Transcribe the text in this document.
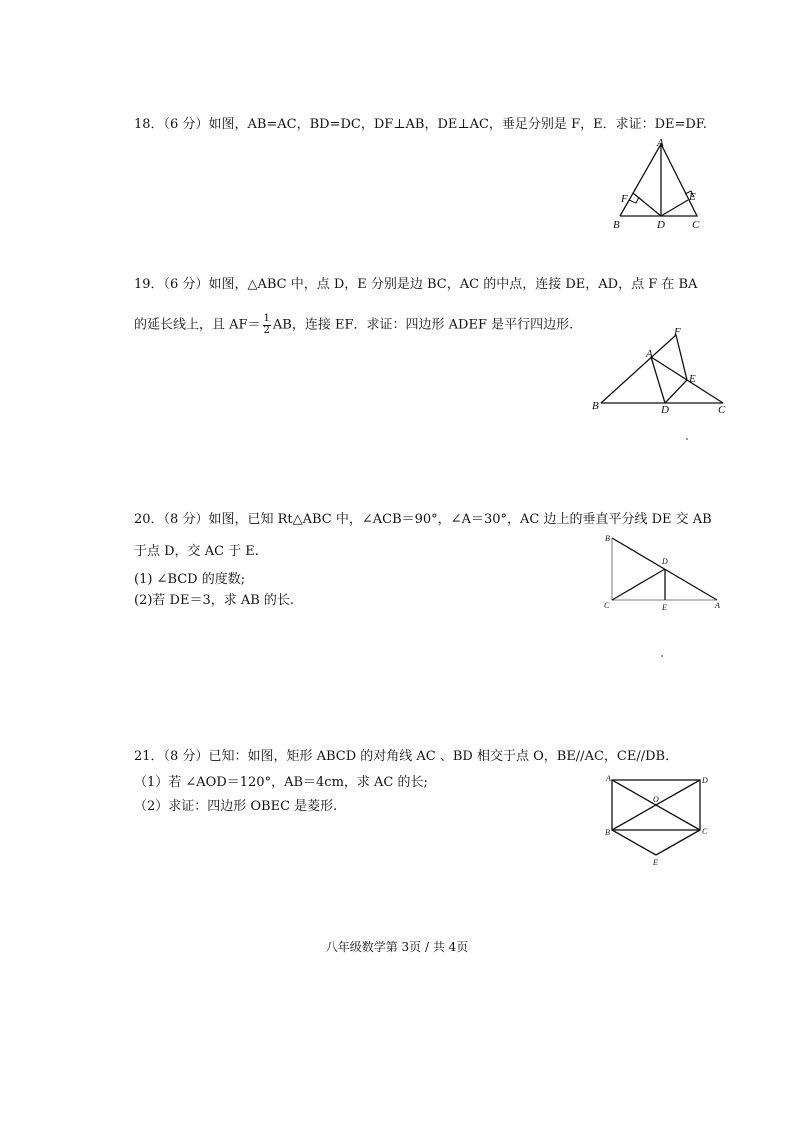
18．（6 分）如图，AB=AC，BD=DC，DF⊥AB，DE⊥AC，垂足分别是 F，E．求证：DE=DF.
A
B	C
D
E
F
19．（6 分）如图，△ABC 中，点 D，E 分别是边 BC，AC 的中点，连接 DE，AD，点 F 在 BA
的延长线上，且 $AF= \frac{1}{2}$ AB，连接 EF．求证：四边形 ADEF 是平行四边形.
A
B	C
D
E
F
20．（8 分）如图，已知 Rt△ABC 中，∠ACB＝90°，∠A＝30°，AC 边上的垂直平分线 DE 交 AB
于点 D，交 AC 于 E.
(1) ∠BCD 的度数;
(2)若 DE＝3，求 AB 的长.
B
C	A
D
E
21．（8 分）已知：如图，矩形 ABCD 的对角线 AC 、BD 相交于点 O，BE//AC，CE//DB．
（1）若 ∠AOD＝120°，AB＝4cm，求 AC 的长;
（2）求证：四边形 OBEC 是菱形.
A	D
B	C
O
E
八年级数学第 3页 / 共 4页
